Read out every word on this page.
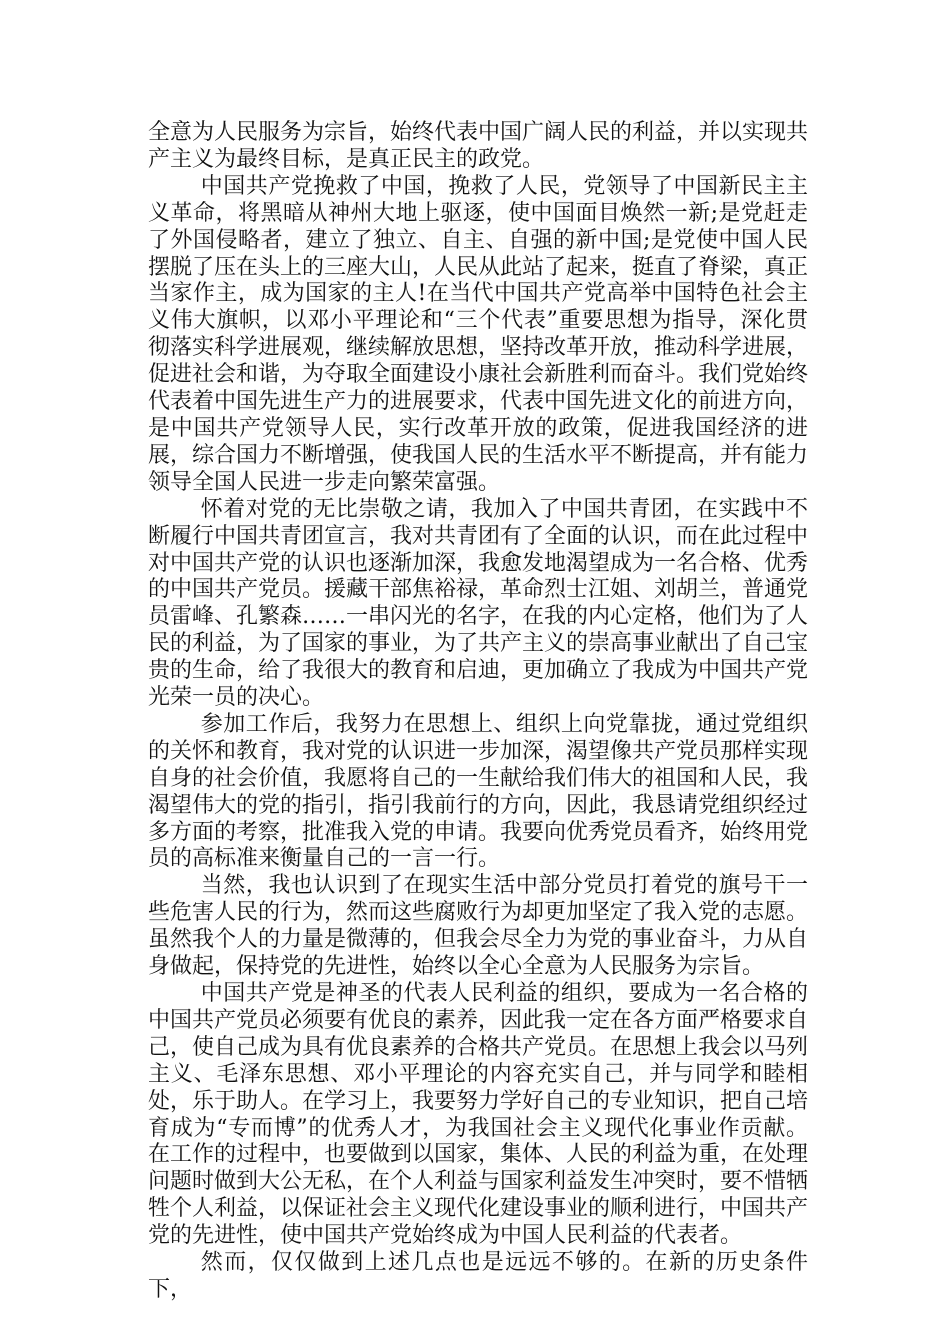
全意为人民服务为宗旨，始终代表中国广阔人民的利益，并以实现共产主义为最终目标，是真正民主的政党。

中国共产党挽救了中国，挽救了人民，党领导了中国新民主主义革命，将黑暗从神州大地上驱逐，使中国面目焕然一新;是党赶走了外国侵略者，建立了独立、自主、自强的新中国;是党使中国人民摆脱了压在头上的三座大山，人民从此站了起来，挺直了脊梁，真正当家作主，成为国家的主人!在当代中国共产党高举中国特色社会主义伟大旗帜，以邓小平理论和“三个代表”重要思想为指导，深化贯彻落实科学进展观，继续解放思想，坚持改革开放，推动科学进展，促进社会和谐，为夺取全面建设小康社会新胜利而奋斗。我们党始终代表着中国先进生产力的进展要求，代表中国先进文化的前进方向，是中国共产党领导人民，实行改革开放的政策，促进我国经济的进展，综合国力不断增强，使我国人民的生活水平不断提高，并有能力领导全国人民进一步走向繁荣富强。

怀着对党的无比崇敬之请，我加入了中国共青团，在实践中不断履行中国共青团宣言，我对共青团有了全面的认识，而在此过程中对中国共产党的认识也逐渐加深，我愈发地渴望成为一名合格、优秀的中国共产党员。援藏干部焦裕禄，革命烈士江姐、刘胡兰，普通党员雷峰、孔繁森……一串闪光的名字，在我的内心定格，他们为了人民的利益，为了国家的事业，为了共产主义的崇高事业献出了自己宝贵的生命，给了我很大的教育和启迪，更加确立了我成为中国共产党光荣一员的决心。

参加工作后，我努力在思想上、组织上向党靠拢，通过党组织的关怀和教育，我对党的认识进一步加深，渴望像共产党员那样实现自身的社会价值，我愿将自己的一生献给我们伟大的祖国和人民，我渴望伟大的党的指引，指引我前行的方向，因此，我恳请党组织经过多方面的考察，批准我入党的申请。我要向优秀党员看齐，始终用党员的高标准来衡量自己的一言一行。

当然，我也认识到了在现实生活中部分党员打着党的旗号干一些危害人民的行为，然而这些腐败行为却更加坚定了我入党的志愿。虽然我个人的力量是微薄的，但我会尽全力为党的事业奋斗，力从自身做起，保持党的先进性，始终以全心全意为人民服务为宗旨。

中国共产党是神圣的代表人民利益的组织，要成为一名合格的中国共产党员必须要有优良的素养，因此我一定在各方面严格要求自己，使自己成为具有优良素养的合格共产党员。在思想上我会以马列主义、毛泽东思想、邓小平理论的内容充实自己，并与同学和睦相处，乐于助人。在学习上，我要努力学好自己的专业知识，把自己培育成为“专而博”的优秀人才，为我国社会主义现代化事业作贡献。在工作的过程中，也要做到以国家，集体、人民的利益为重，在处理问题时做到大公无私，在个人利益与国家利益发生冲突时，要不惜牺牲个人利益，以保证社会主义现代化建设事业的顺利进行，中国共产党的先进性，使中国共产党始终成为中国人民利益的代表者。

然而，仅仅做到上述几点也是远远不够的。在新的历史条件下，
